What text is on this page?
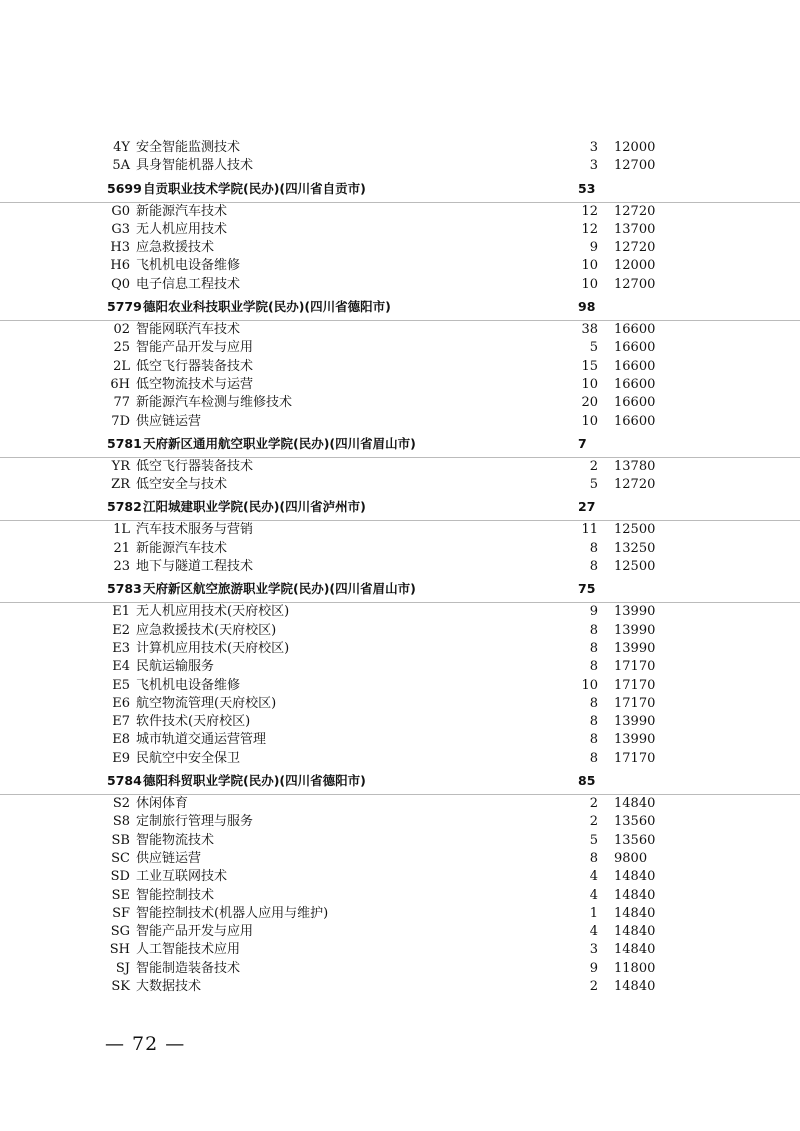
4Y 安全智能监测技术	3 12000
5A 具身智能机器人技术	3 12700
5699 自贡职业技术学院(民办)(四川省自贡市)	53
G0 新能源汽车技术	12 12720
G3 无人机应用技术	12 13700
H3 应急救援技术	9 12720
H6 飞机机电设备维修	10 12000
Q0 电子信息工程技术	10 12700
5779 德阳农业科技职业学院(民办)(四川省德阳市)	98
02 智能网联汽车技术	38 16600
25 智能产品开发与应用	5 16600
2L 低空飞行器装备技术	15 16600
6H 低空物流技术与运营	10 16600
77 新能源汽车检测与维修技术	20 16600
7D 供应链运营	10 16600
5781 天府新区通用航空职业学院(民办)(四川省眉山市)	7
YR 低空飞行器装备技术	2 13780
ZR 低空安全与技术	5 12720
5782 江阳城建职业学院(民办)(四川省泸州市)	27
1L 汽车技术服务与营销	11 12500
21 新能源汽车技术	8 13250
23 地下与隧道工程技术	8 12500
5783 天府新区航空旅游职业学院(民办)(四川省眉山市)	75
E1 无人机应用技术(天府校区)	9 13990
E2 应急救援技术(天府校区)	8 13990
E3 计算机应用技术(天府校区)	8 13990
E4 民航运输服务	8 17170
E5 飞机机电设备维修	10 17170
E6 航空物流管理(天府校区)	8 17170
E7 软件技术(天府校区)	8 13990
E8 城市轨道交通运营管理	8 13990
E9 民航空中安全保卫	8 17170
5784 德阳科贸职业学院(民办)(四川省德阳市)	85
S2 休闲体育	2 14840
S8 定制旅行管理与服务	2 13560
SB 智能物流技术	5 13560
SC 供应链运营	8 9800
SD 工业互联网技术	4 14840
SE 智能控制技术	4 14840
SF 智能控制技术(机器人应用与维护)	1 14840
SG 智能产品开发与应用	4 14840
SH 人工智能技术应用	3 14840
SJ 智能制造装备技术	9 11800
SK 大数据技术	2 14840
— 72 —
